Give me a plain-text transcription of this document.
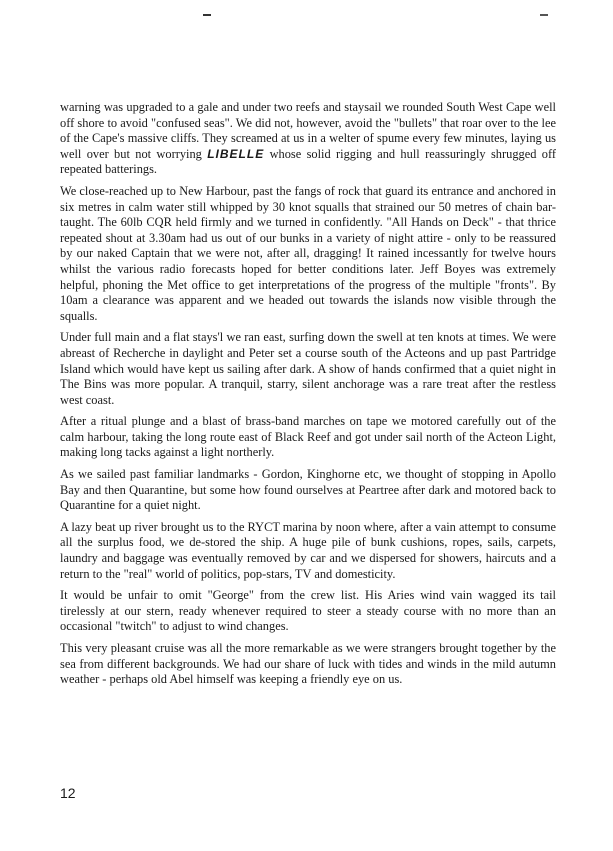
warning was upgraded to a gale and under two reefs and staysail we rounded South West Cape well off shore to avoid "confused seas". We did not, however, avoid the "bullets" that roar over to the lee of the Cape's massive cliffs. They screamed at us in a welter of spume every few minutes, laying us well over but not worrying LIBELLE whose solid rigging and hull reassuringly shrugged off repeated batterings.

We close-reached up to New Harbour, past the fangs of rock that guard its entrance and anchored in six metres in calm water still whipped by 30 knot squalls that strained our 50 metres of chain bar-taught. The 60lb CQR held firmly and we turned in confidently. "All Hands on Deck" - that thrice repeated shout at 3.30am had us out of our bunks in a variety of night attire - only to be reassured by our naked Captain that we were not, after all, dragging! It rained incessantly for twelve hours whilst the various radio forecasts hoped for better conditions later. Jeff Boyes was extremely helpful, phoning the Met office to get interpretations of the progress of the multiple "fronts". By 10am a clearance was apparent and we headed out towards the islands now visible through the squalls.

Under full main and a flat stays'l we ran east, surfing down the swell at ten knots at times. We were abreast of Recherche in daylight and Peter set a course south of the Acteons and up past Partridge Island which would have kept us sailing after dark. A show of hands confirmed that a quiet night in The Bins was more popular. A tranquil, starry, silent anchorage was a rare treat after the restless west coast.

After a ritual plunge and a blast of brass-band marches on tape we motored carefully out of the calm harbour, taking the long route east of Black Reef and got under sail north of the Acteon Light, making long tacks against a light northerly.

As we sailed past familiar landmarks - Gordon, Kinghorne etc, we thought of stopping in Apollo Bay and then Quarantine, but some how found ourselves at Peartree after dark and motored back to Quarantine for a quiet night.

A lazy beat up river brought us to the RYCT marina by noon where, after a vain attempt to consume all the surplus food, we de-stored the ship. A huge pile of bunk cushions, ropes, sails, carpets, laundry and baggage was eventually removed by car and we dispersed for showers, haircuts and a return to the "real" world of politics, pop-stars, TV and domesticity.

It would be unfair to omit "George" from the crew list. His Aries wind vain wagged its tail tirelessly at our stern, ready whenever required to steer a steady course with no more than an occasional "twitch" to adjust to wind changes.

This very pleasant cruise was all the more remarkable as we were strangers brought together by the sea from different backgrounds. We had our share of luck with tides and winds in the mild autumn weather - perhaps old Abel himself was keeping a friendly eye on us.

12
